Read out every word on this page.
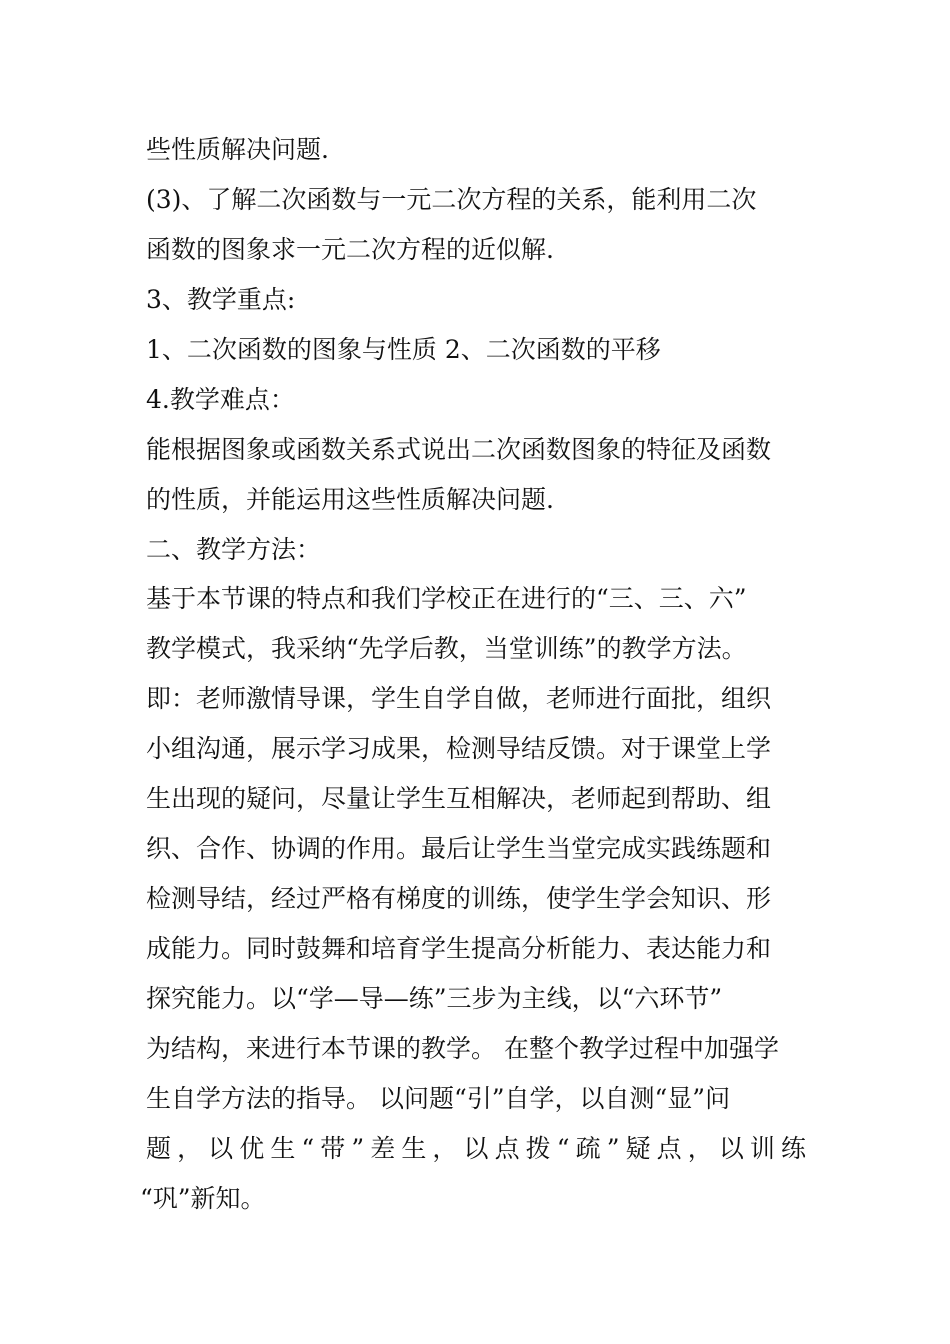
些性质解决问题.

(3)、了解二次函数与一元二次方程的关系，能利用二次

函数的图象求一元二次方程的近似解.

3、教学重点:

1、二次函数的图象与性质 2、二次函数的平移

4.教学难点：

能根据图象或函数关系式说出二次函数图象的特征及函数

的性质，并能运用这些性质解决问题.

二、教学方法：

基于本节课的特点和我们学校正在进行的“三、三、六”

教学模式，我采纳“先学后教，当堂训练”的教学方法。

即：老师激情导课，学生自学自做，老师进行面批，组织

小组沟通，展示学习成果，检测导结反馈。对于课堂上学

生出现的疑问，尽量让学生互相解决，老师起到帮助、组

织、合作、协调的作用。最后让学生当堂完成实践练题和

检测导结，经过严格有梯度的训练，使学生学会知识、形

成能力。同时鼓舞和培育学生提高分析能力、表达能力和

探究能力。以“学—导—练”三步为主线，以“六环节”

为结构，来进行本节课的教学。 在整个教学过程中加强学

生自学方法的指导。 以问题“引”自学，以自测“显”问

题，以优生“带”差生，以点拨“疏”疑点，以训练

“巩”新知。
